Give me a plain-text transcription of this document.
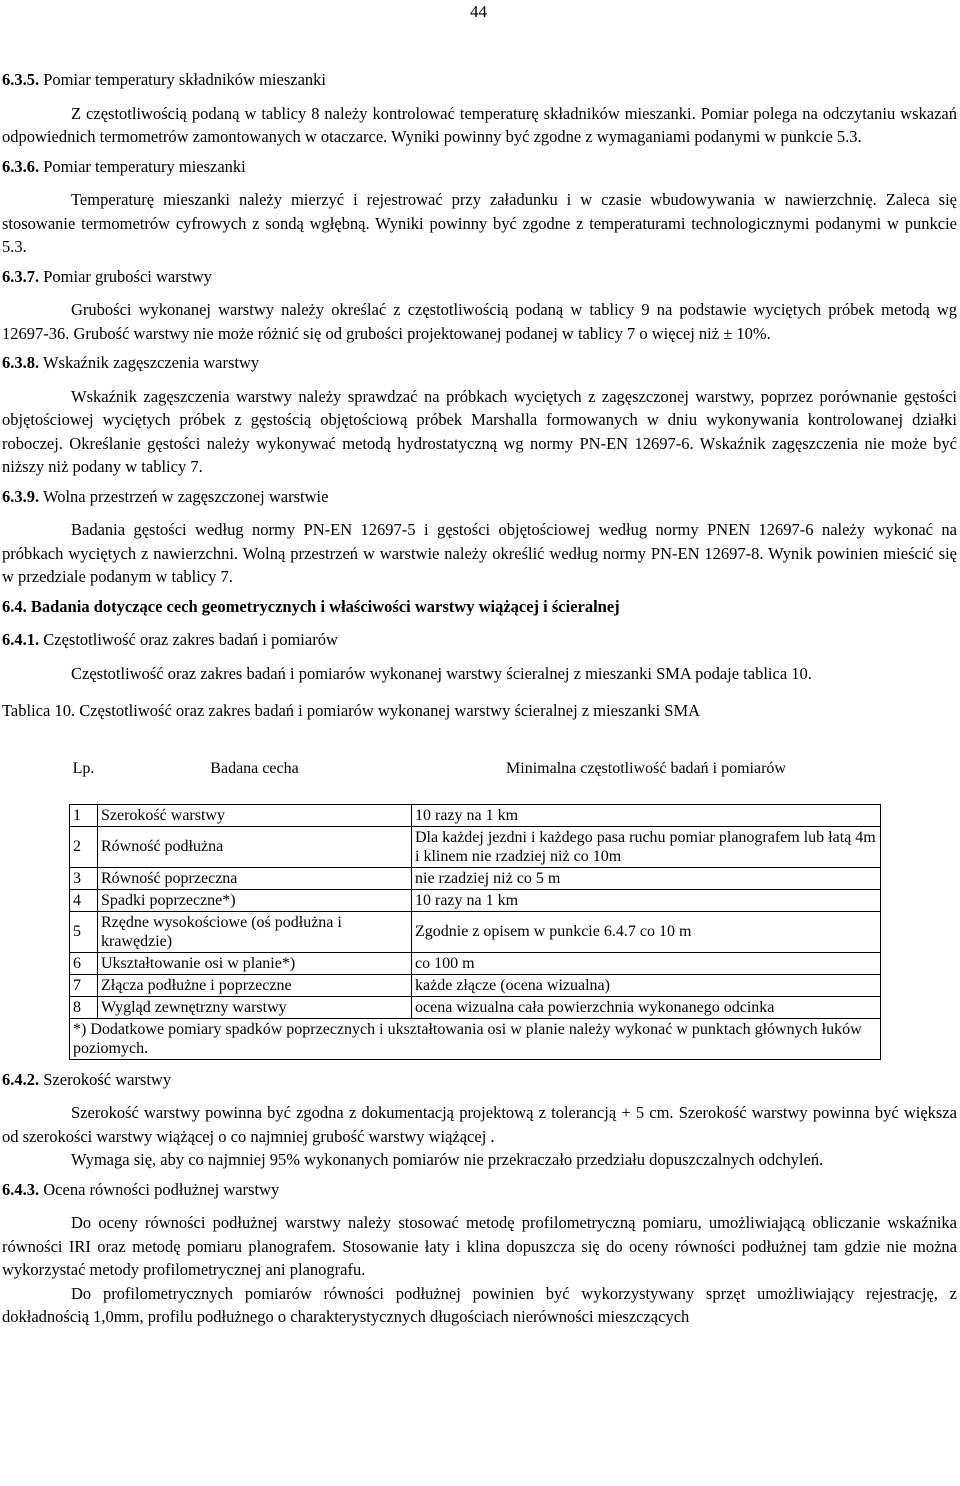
44
6.3.5. Pomiar temperatury składników mieszanki

Z częstotliwością podaną w tablicy 8 należy kontrolować temperaturę składników mieszanki. Pomiar polega na odczytaniu wskazań odpowiednich termometrów zamontowanych w otaczarce. Wyniki powinny być zgodne z wymaganiami podanymi w punkcie 5.3.

6.3.6. Pomiar temperatury mieszanki

Temperaturę mieszanki należy mierzyć i rejestrować przy załadunku i w czasie wbudowywania w nawierzchnię. Zaleca się stosowanie termometrów cyfrowych z sondą wgłębną. Wyniki powinny być zgodne z temperaturami technologicznymi podanymi w punkcie 5.3.

6.3.7. Pomiar grubości warstwy

Grubości wykonanej warstwy należy określać z częstotliwością podaną w tablicy 9 na podstawie wyciętych próbek metodą wg 12697-36. Grubość warstwy nie może różnić się od grubości projektowanej podanej w tablicy 7 o więcej niż ± 10%.

6.3.8. Wskaźnik zagęszczenia warstwy

Wskaźnik zagęszczenia warstwy należy sprawdzać na próbkach wyciętych z zagęszczonej warstwy, poprzez porównanie gęstości objętościowej wyciętych próbek z gęstością objętościową próbek Marshalla formowanych w dniu wykonywania kontrolowanej działki roboczej. Określanie gęstości należy wykonywać metodą hydrostatyczną wg normy PN-EN 12697-6. Wskaźnik zagęszczenia nie może być niższy niż podany w tablicy 7.

6.3.9. Wolna przestrzeń w zagęszczonej warstwie

Badania gęstości według normy PN-EN 12697-5 i gęstości objętościowej według normy PNEN 12697-6 należy wykonać na próbkach wyciętych z nawierzchni. Wolną przestrzeń w warstwie należy określić według normy PN-EN 12697-8. Wynik powinien mieścić się w przedziale podanym w tablicy 7.

6.4. Badania dotyczące cech geometrycznych i właściwości warstwy wiążącej i ścieralnej
6.4.1. Częstotliwość oraz zakres badań i pomiarów

Częstotliwość oraz zakres badań i pomiarów wykonanej warstwy ścieralnej z mieszanki SMA podaje tablica 10.

Tablica 10. Częstotliwość oraz zakres badań i pomiarów wykonanej warstwy ścieralnej z mieszanki SMA

Lp.	Badana cecha	Minimalna częstotliwość badań i pomiarów

1	Szerokość warstwy	10 razy na 1 km
2	Równość podłużna	Dla każdej jezdni i każdego pasa ruchu pomiar planografem lub łatą 4m i klinem nie rzadziej niż co 10m
3	Równość poprzeczna	nie rzadziej niż co 5 m
4	Spadki poprzeczne*)	10 razy na 1 km
5	Rzędne wysokościowe (oś podłużna i krawędzie)	Zgodnie z opisem w punkcie 6.4.7 co 10 m
6	Ukształtowanie osi w planie*)	co 100 m
7	Złącza podłużne i poprzeczne	każde złącze (ocena wizualna)
8	Wygląd zewnętrzny warstwy	ocena wizualna cała powierzchnia wykonanego odcinka
*) Dodatkowe pomiary spadków poprzecznych i ukształtowania osi w planie należy wykonać w punktach głównych łuków poziomych.		
6.4.2. Szerokość warstwy

Szerokość warstwy powinna być zgodna z dokumentacją projektową z tolerancją + 5 cm. Szerokość warstwy powinna być większa od szerokości warstwy wiążącej o co najmniej grubość warstwy wiążącej .

Wymaga się, aby co najmniej 95% wykonanych pomiarów nie przekraczało przedziału dopuszczalnych odchyleń.

6.4.3. Ocena równości podłużnej warstwy

Do oceny równości podłużnej warstwy należy stosować metodę profilometryczną pomiaru, umożliwiającą obliczanie wskaźnika równości IRI oraz metodę pomiaru planografem. Stosowanie łaty i klina dopuszcza się do oceny równości podłużnej tam gdzie nie można wykorzystać metody profilometrycznej ani planografu.

Do profilometrycznych pomiarów równości podłużnej powinien być wykorzystywany sprzęt umożliwiający rejestrację, z dokładnością 1,0mm, profilu podłużnego o charakterystycznych długościach nierówności mieszczących
